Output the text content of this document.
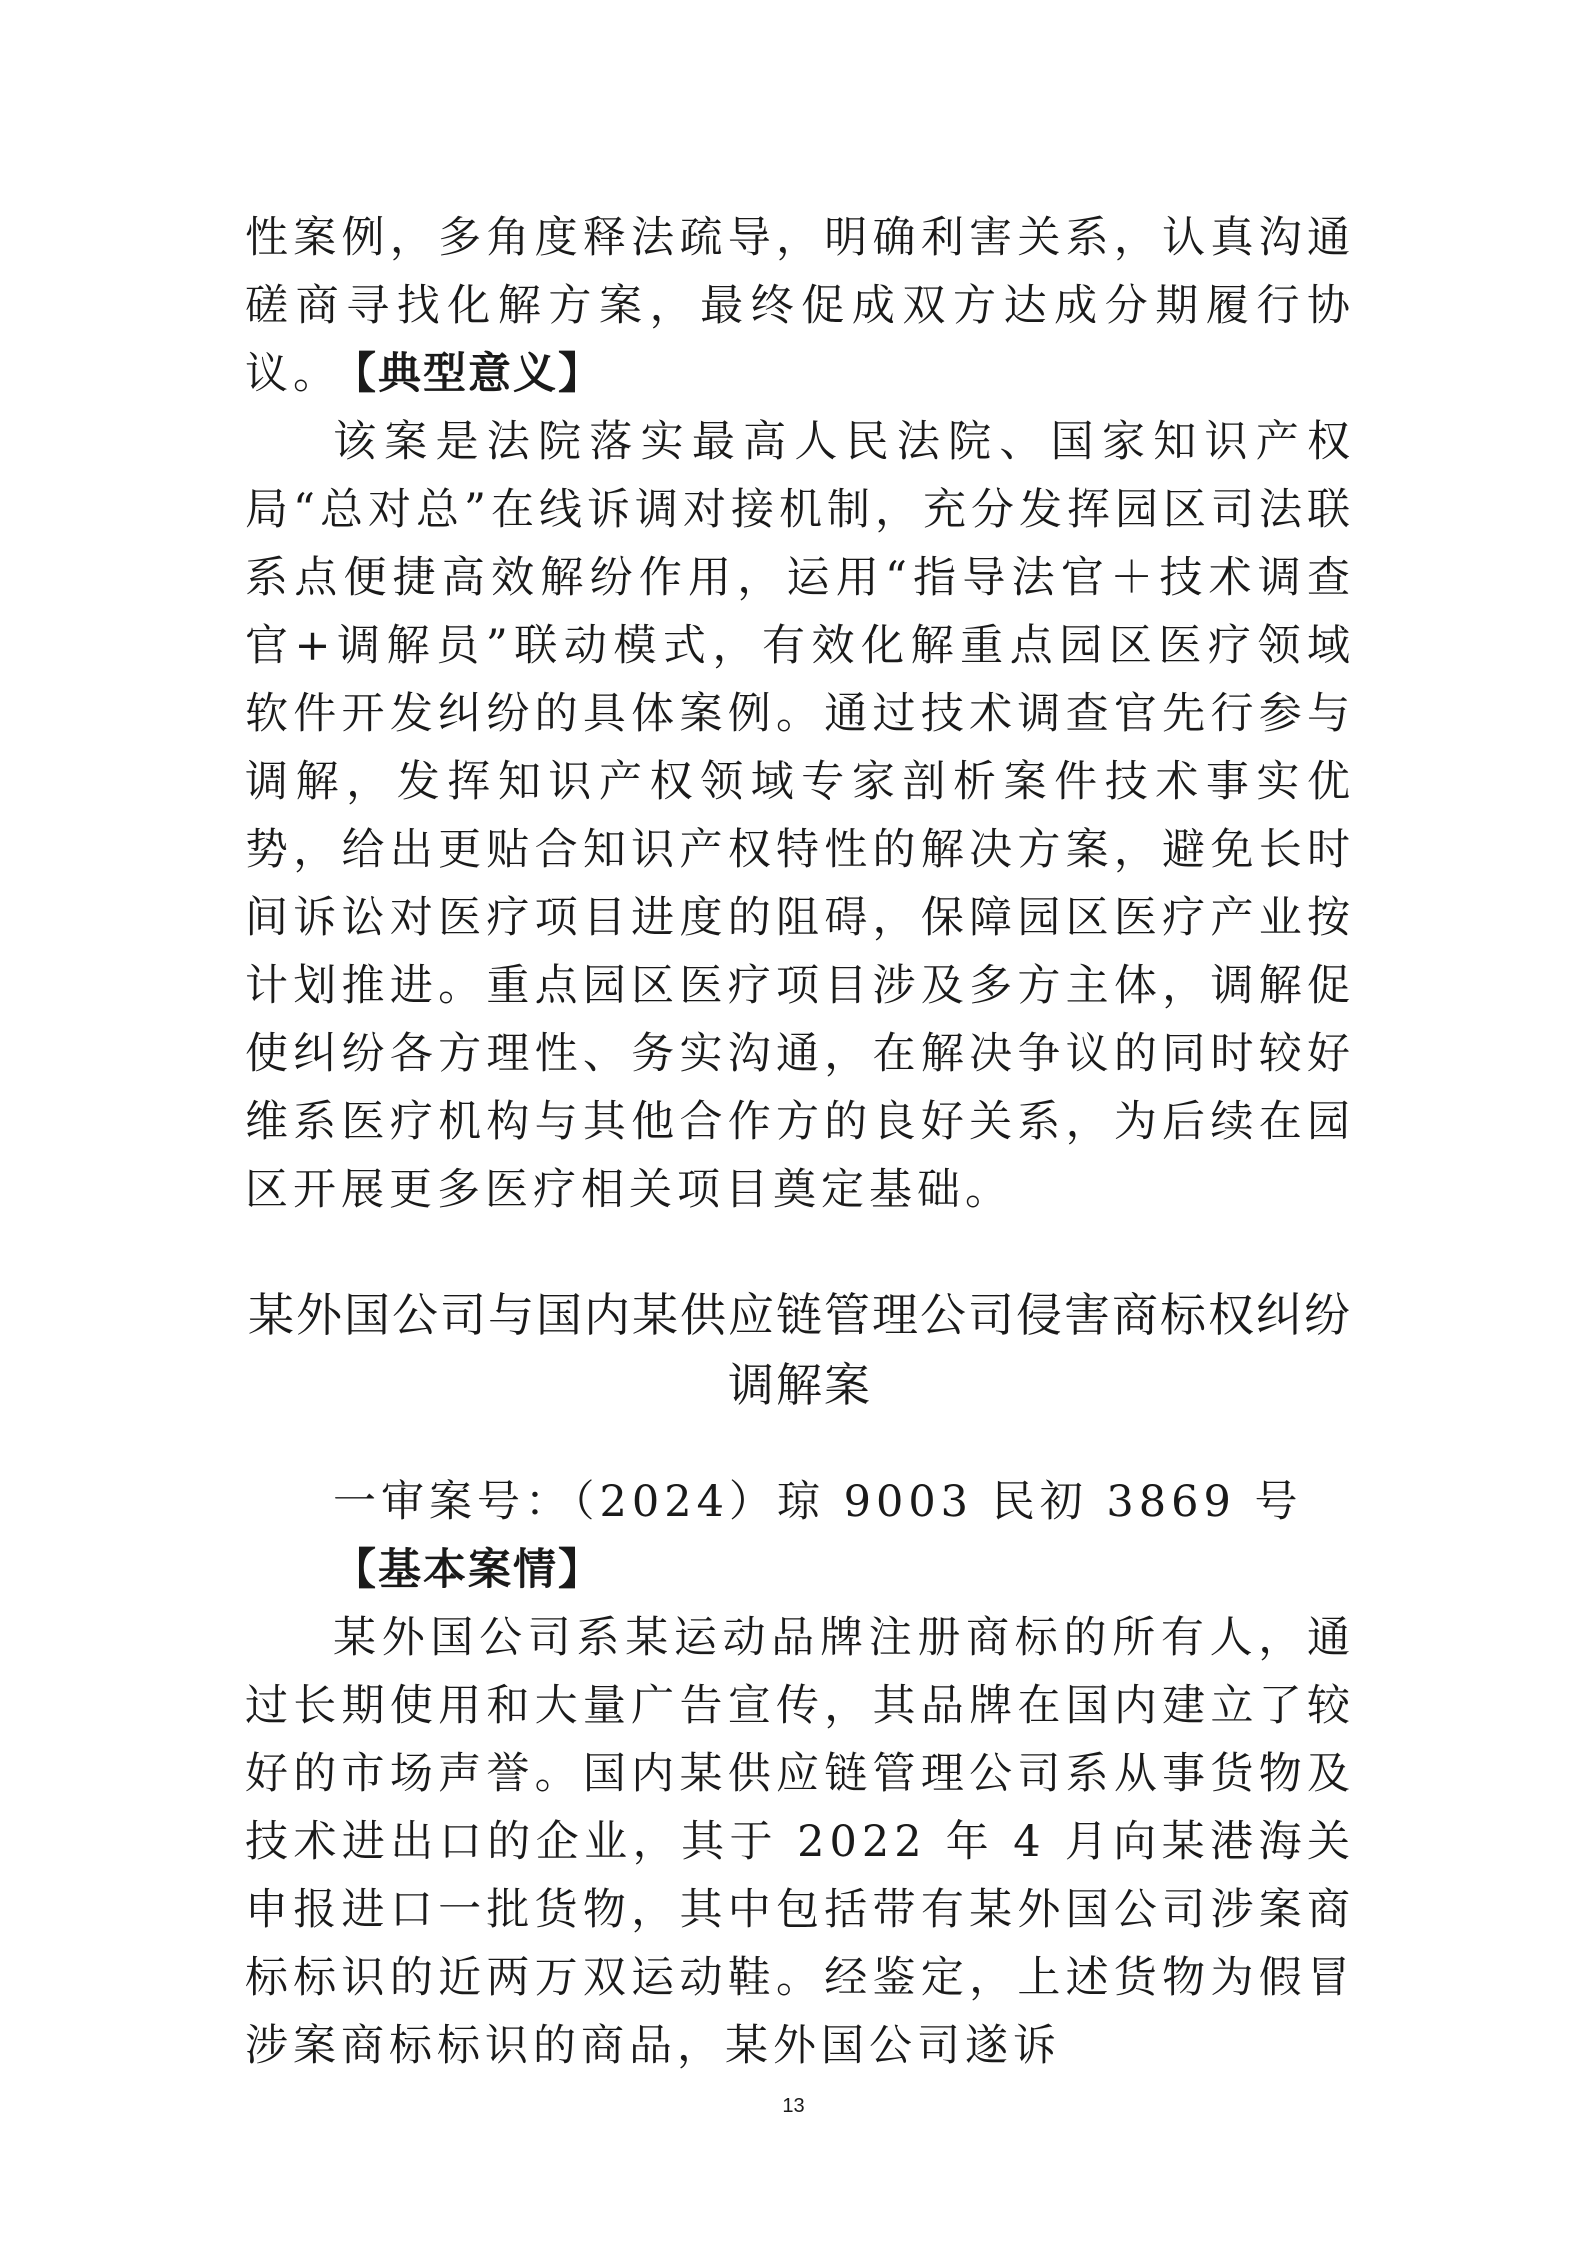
性案例，多角度释法疏导，明确利害关系，认真沟通磋商寻找化解方案，最终促成双方达成分期履行协议。

【典型意义】

该案是法院落实最高人民法院、国家知识产权局“总对总”在线诉调对接机制，充分发挥园区司法联系点便捷高效解纷作用，运用“指导法官＋技术调查官+调解员”联动模式，有效化解重点园区医疗领域软件开发纠纷的具体案例。通过技术调查官先行参与调解，发挥知识产权领域专家剖析案件技术事实优势，给出更贴合知识产权特性的解决方案，避免长时间诉讼对医疗项目进度的阻碍，保障园区医疗产业按计划推进。重点园区医疗项目涉及多方主体，调解促使纠纷各方理性、务实沟通，在解决争议的同时较好维系医疗机构与其他合作方的良好关系，为后续在园区开展更多医疗相关项目奠定基础。

某外国公司与国内某供应链管理公司侵害商标权纠纷

调解案

一审案号：（2024）琼 9003 民初 3869 号

【基本案情】

某外国公司系某运动品牌注册商标的所有人，通过长期使用和大量广告宣传，其品牌在国内建立了较好的市场声誉。国内某供应链管理公司系从事货物及技术进出口的企业，其于 2022 年 4 月向某港海关申报进口一批货物，其中包括带有某外国公司涉案商标标识的近两万双运动鞋。经鉴定，上述货物为假冒涉案商标标识的商品，某外国公司遂诉

13
